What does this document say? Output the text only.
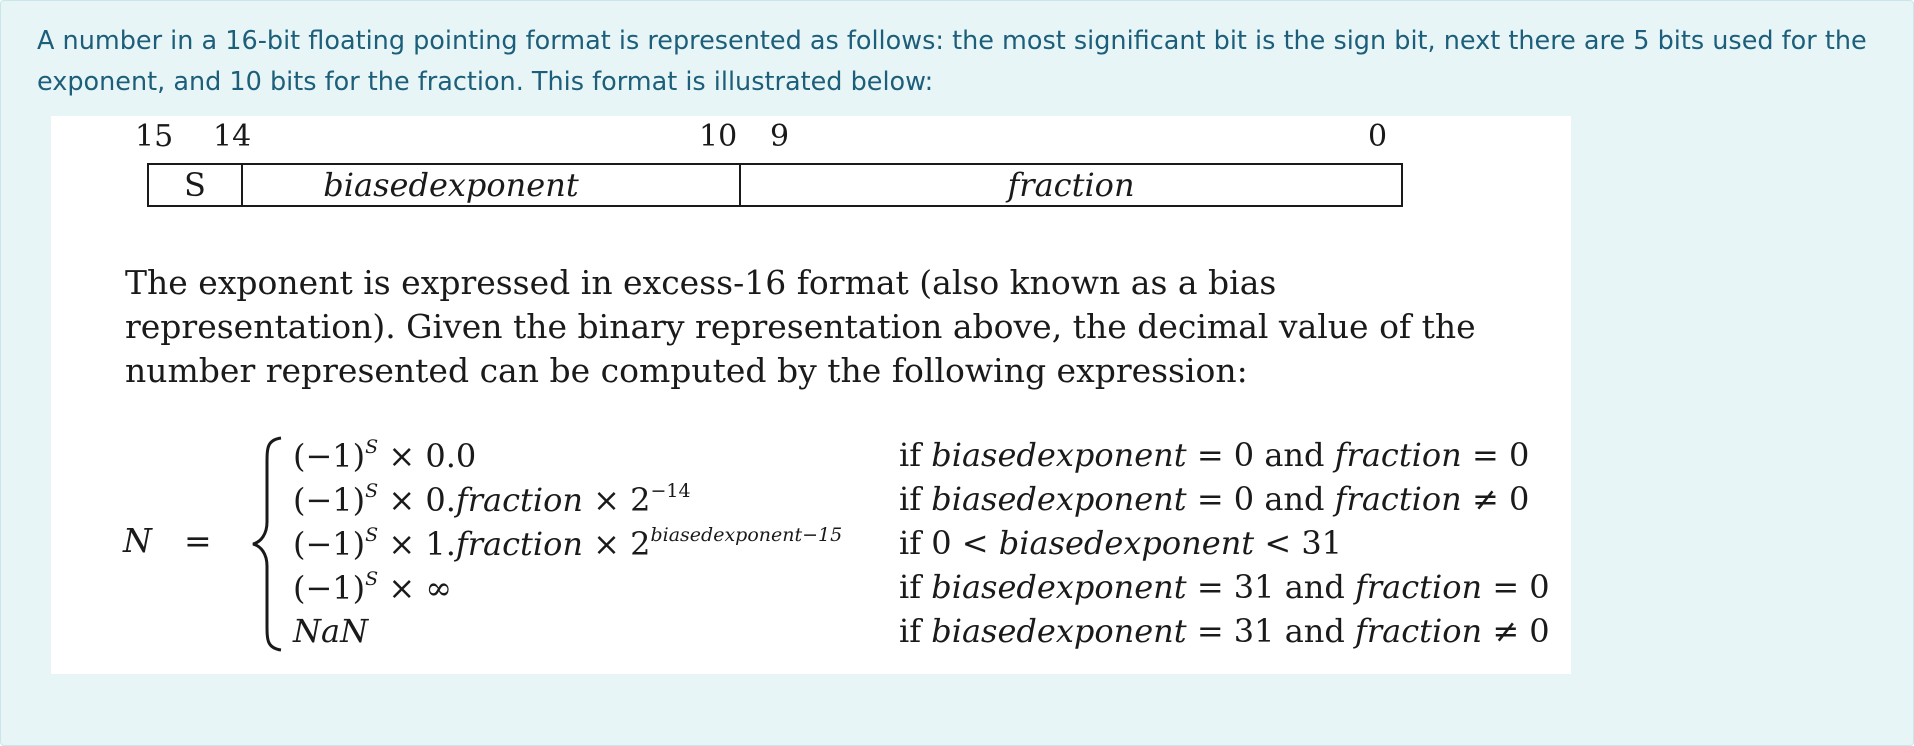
A number in a 16-bit floating pointing format is represented as follows: the most significant bit is the sign bit, next there are 5 bits used for the exponent, and 10 bits for the fraction. This format is illustrated below:

15 14	10 9	0
S	biasedexponent	fraction

The exponent is expressed in excess-16 format (also known as a bias representation). Given the binary representation above, the decimal value of the number represented can be computed by the following expression:

N =
$(-1)^S \times 0.0$	if biasedexponent = 0 and fraction = 0
$(-1)^S$ × 0.fraction × $2^{-14}$	if biasedexponent = 0 and fraction ≠ 0
$(-1)^S$ × 1.fraction × $2^{biasedexponent-15}$ if 0 < biasedexponent < 31
$(-1)^S$ × ∞	if biasedexponent = 31 and fraction = 0
NaN	if biasedexponent = 31 and fraction ≠ 0
